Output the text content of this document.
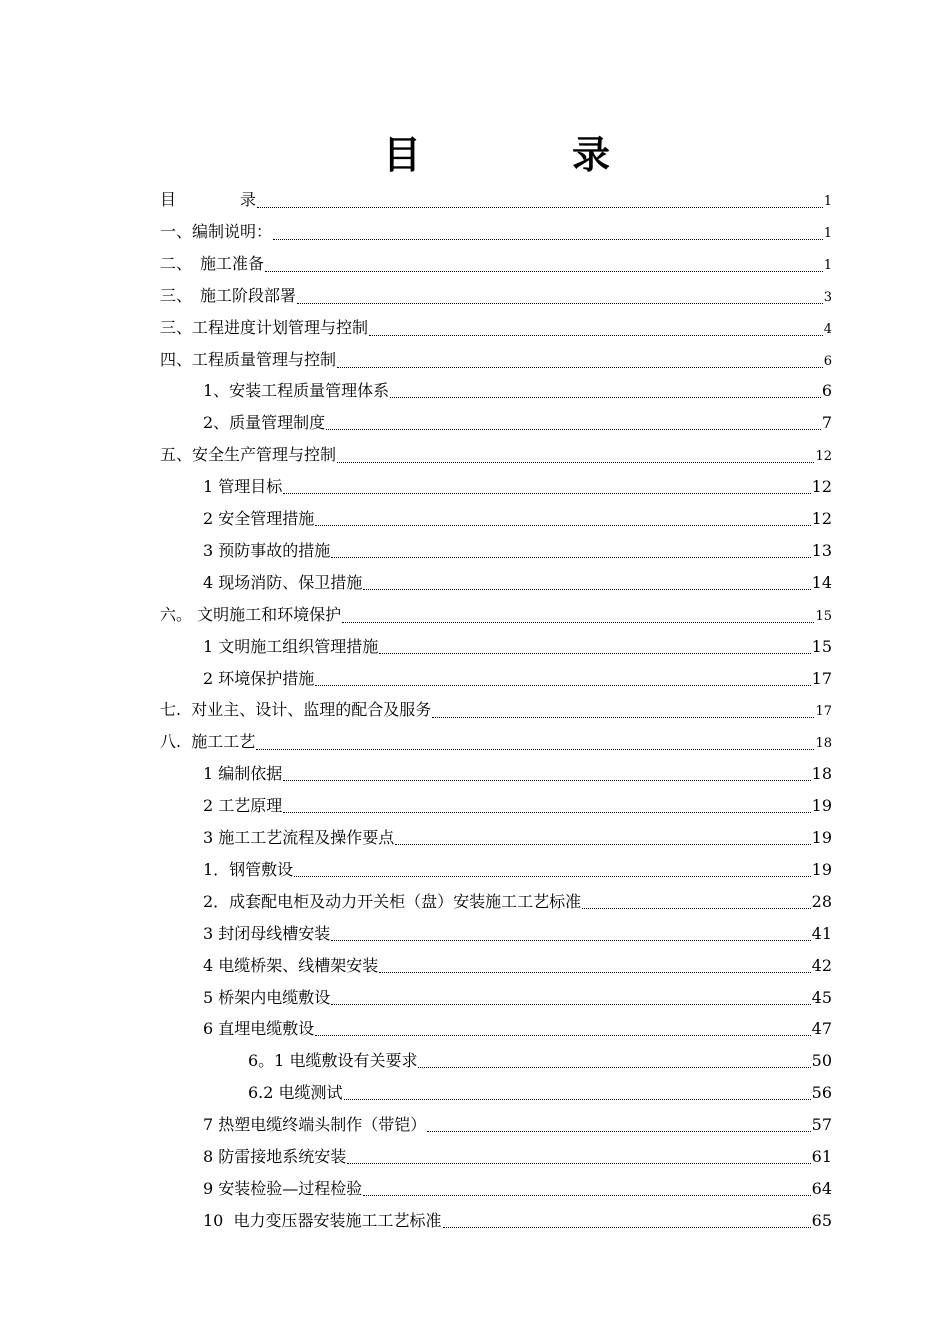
目	录
目　　　　录	1
一、编制说明：	1
二、　施工准备	1
三、　施工阶段部署	3
三、工程进度计划管理与控制	4
四、工程质量管理与控制	6
1、安装工程质量管理体系	6
2、质量管理制度	7
五、安全生产管理与控制	12
1 管理目标	12
2 安全管理措施	12
3 预防事故的措施	13
4 现场消防、保卫措施	14
六。 文明施工和环境保护	15
1 文明施工组织管理措施	15
2 环境保护措施	17
七.  对业主、设计、监理的配合及服务	17
八.  施工工艺	18
1 编制依据	18
2 工艺原理	19
3 施工工艺流程及操作要点	19
1．钢管敷设	19
2．成套配电柜及动力开关柜（盘）安装施工工艺标准	28
3 封闭母线槽安装	41
4 电缆桥架、线槽架安装	42
5 桥架内电缆敷设	45
6 直埋电缆敷设	47
6。1 电缆敷设有关要求	50
6.2 电缆测试	56
7 热塑电缆终端头制作（带铠）	57
8 防雷接地系统安装	61
9 安装检验—过程检验	64
10  电力变压器安装施工工艺标准	65
